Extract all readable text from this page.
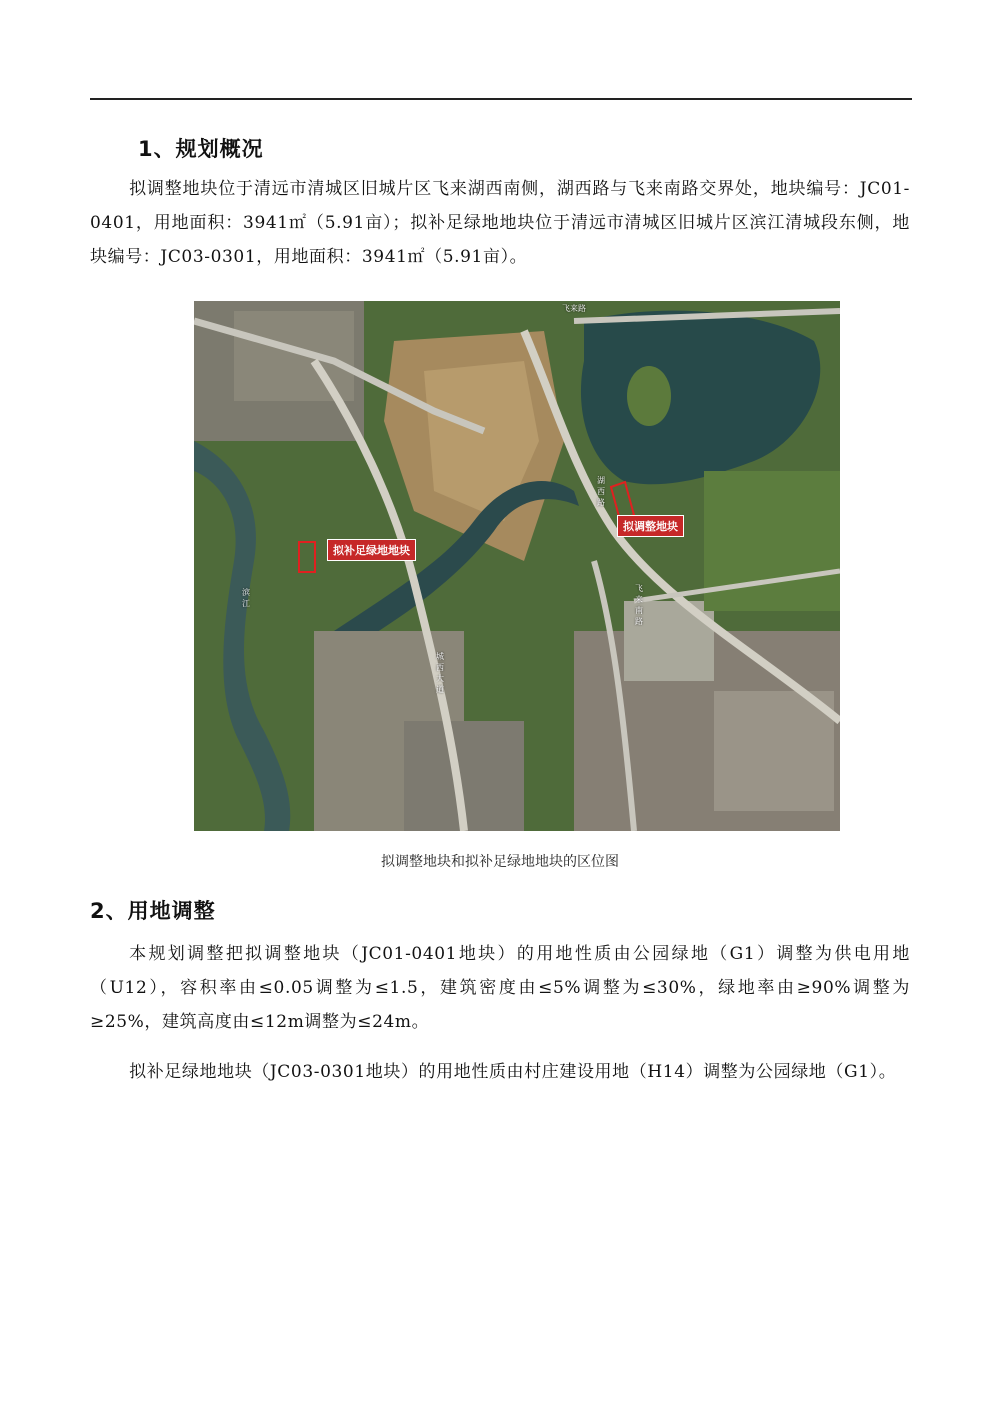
1、规划概况

拟调整地块位于清远市清城区旧城片区飞来湖西南侧，湖西路与飞来南路交界处，地块编号：JC01-0401，用地面积：3941㎡（5.91亩）；拟补足绿地地块位于清远市清城区旧城片区滨江清城段东侧，地块编号：JC03-0301，用地面积：3941㎡（5.91亩）。

拟调整地块
拟补足绿地地块
飞来路
湖西路
飞来南路
城西大道
滨江
拟调整地块和拟补足绿地地块的区位图
2、用地调整

本规划调整把拟调整地块（JC01-0401地块）的用地性质由公园绿地（G1）调整为供电用地（U12），容积率由≤0.05调整为≤1.5，建筑密度由≤5%调整为≤30%，绿地率由≥90%调整为≥25%，建筑高度由≤12m调整为≤24m。

拟补足绿地地块（JC03-0301地块）的用地性质由村庄建设用地（H14）调整为公园绿地（G1）。
